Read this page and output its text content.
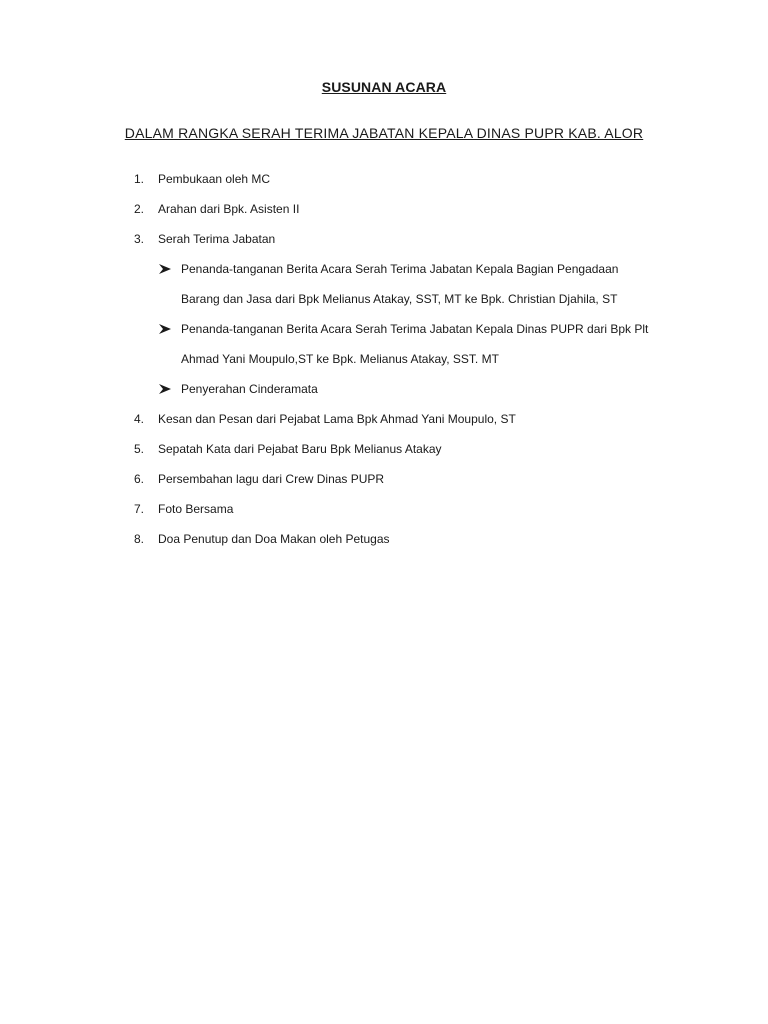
SUSUNAN ACARA
DALAM RANGKA SERAH TERIMA JABATAN KEPALA DINAS PUPR KAB. ALOR
1. Pembukaan oleh MC
2. Arahan dari Bpk. Asisten II
3. Serah Terima Jabatan
Penanda-tanganan Berita Acara Serah Terima Jabatan Kepala Bagian Pengadaan
Barang dan Jasa dari Bpk Melianus Atakay, SST, MT ke Bpk. Christian Djahila, ST
Penanda-tanganan Berita Acara Serah Terima Jabatan Kepala Dinas PUPR dari Bpk Plt
Ahmad Yani Moupulo,ST ke Bpk. Melianus Atakay, SST. MT
Penyerahan Cinderamata
4. Kesan dan Pesan dari Pejabat Lama Bpk Ahmad Yani Moupulo, ST
5. Sepatah Kata dari Pejabat Baru Bpk Melianus Atakay
6. Persembahan lagu dari Crew Dinas PUPR
7. Foto Bersama
8. Doa Penutup dan Doa Makan oleh Petugas
